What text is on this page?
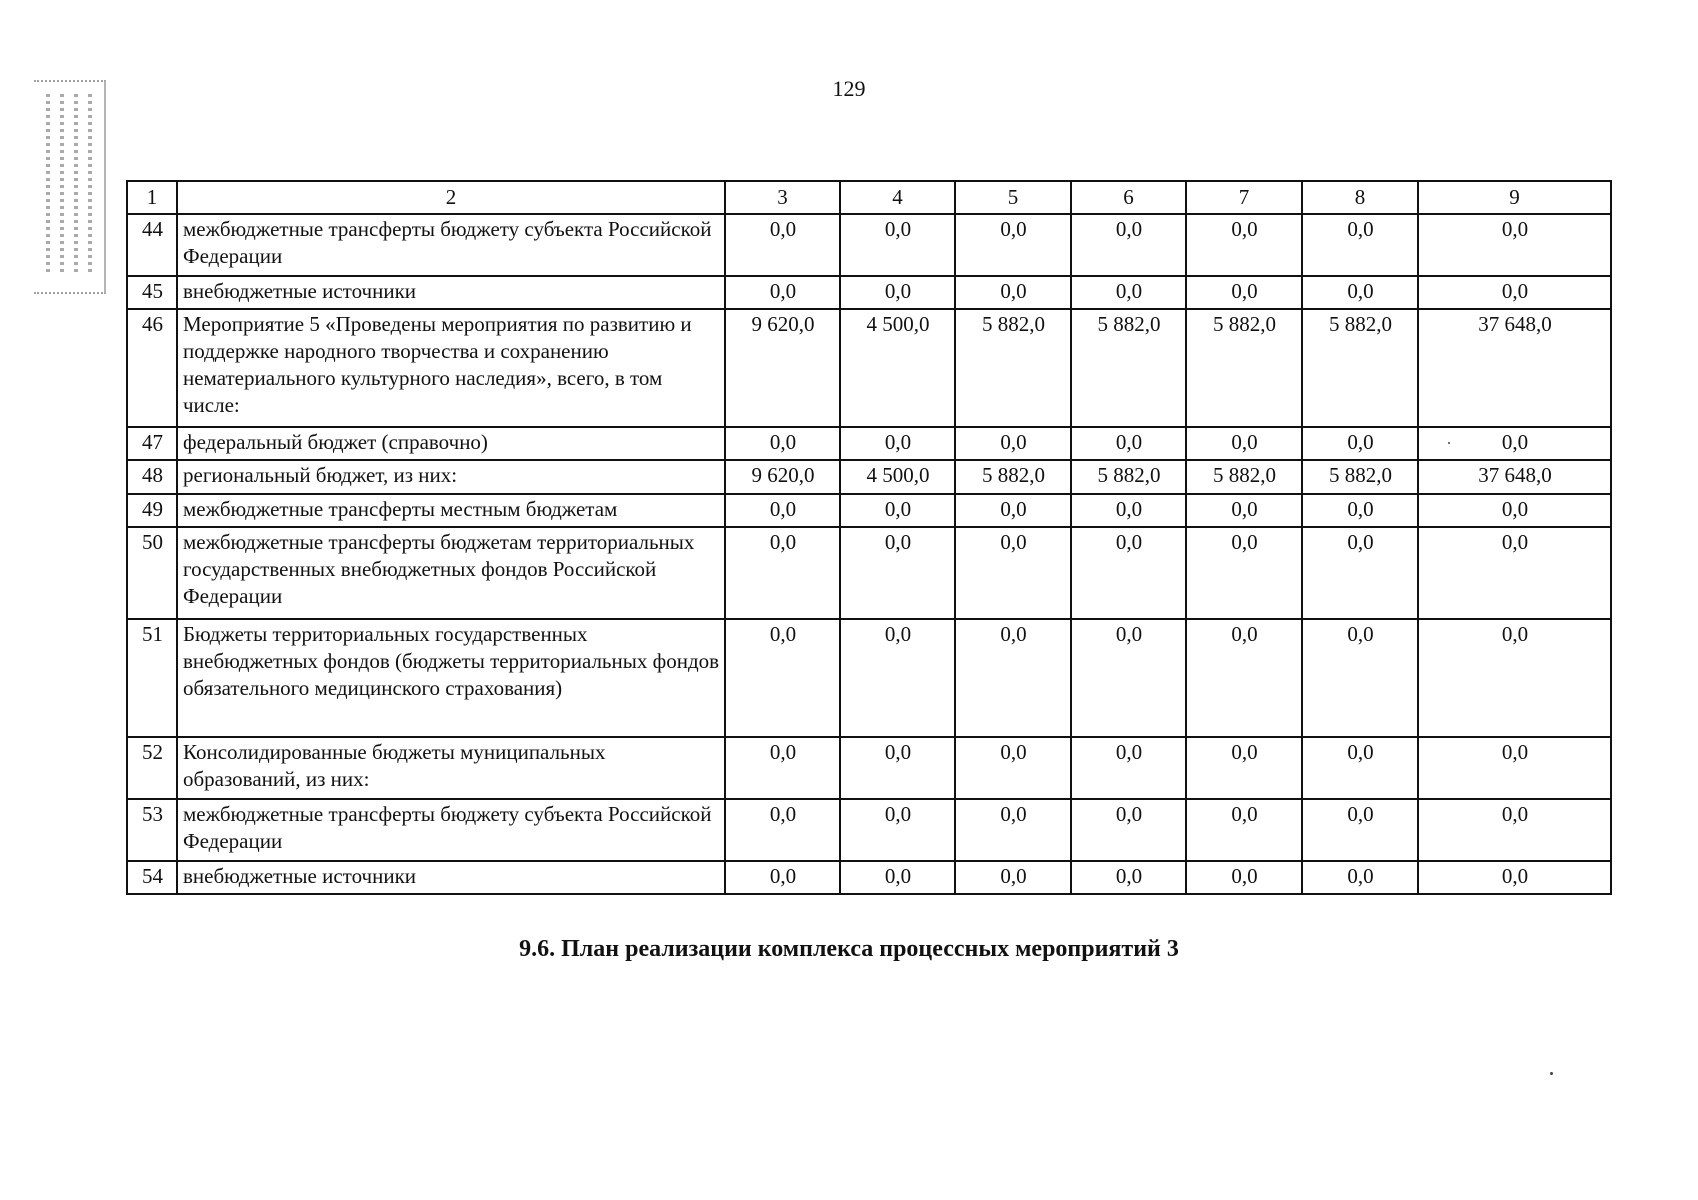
129
1	2	3	4	5	6	7	8	9
44	межбюджетные трансферты бюджету субъекта Российской Федерации	0,0	0,0	0,0	0,0	0,0	0,0	0,0
45	внебюджетные источники	0,0	0,0	0,0	0,0	0,0	0,0	0,0
46	Мероприятие 5 «Проведены мероприятия по развитию и поддержке народного творчества и сохранению нематериального культурного наследия», всего, в том числе:	9 620,0	4 500,0	5 882,0	5 882,0	5 882,0	5 882,0	37 648,0
47	федеральный бюджет (справочно)	0,0	0,0	0,0	0,0	0,0	0,0	0,0
48	региональный бюджет, из них:	9 620,0	4 500,0	5 882,0	5 882,0	5 882,0	5 882,0	37 648,0
49	межбюджетные трансферты местным бюджетам	0,0	0,0	0,0	0,0	0,0	0,0	0,0
50	межбюджетные трансферты бюджетам территориальных государственных внебюджетных фондов Российской Федерации	0,0	0,0	0,0	0,0	0,0	0,0	0,0
51	Бюджеты территориальных государственных внебюджетных фондов (бюджеты территориальных фондов обязательного медицинского страхования)	0,0	0,0	0,0	0,0	0,0	0,0	0,0
52	Консолидированные бюджеты муниципальных образований, из них:	0,0	0,0	0,0	0,0	0,0	0,0	0,0
53	межбюджетные трансферты бюджету субъекта Российской Федерации	0,0	0,0	0,0	0,0	0,0	0,0	0,0
54	внебюджетные источники	0,0	0,0	0,0	0,0	0,0	0,0	0,0
9.6. План реализации комплекса процессных мероприятий 3
